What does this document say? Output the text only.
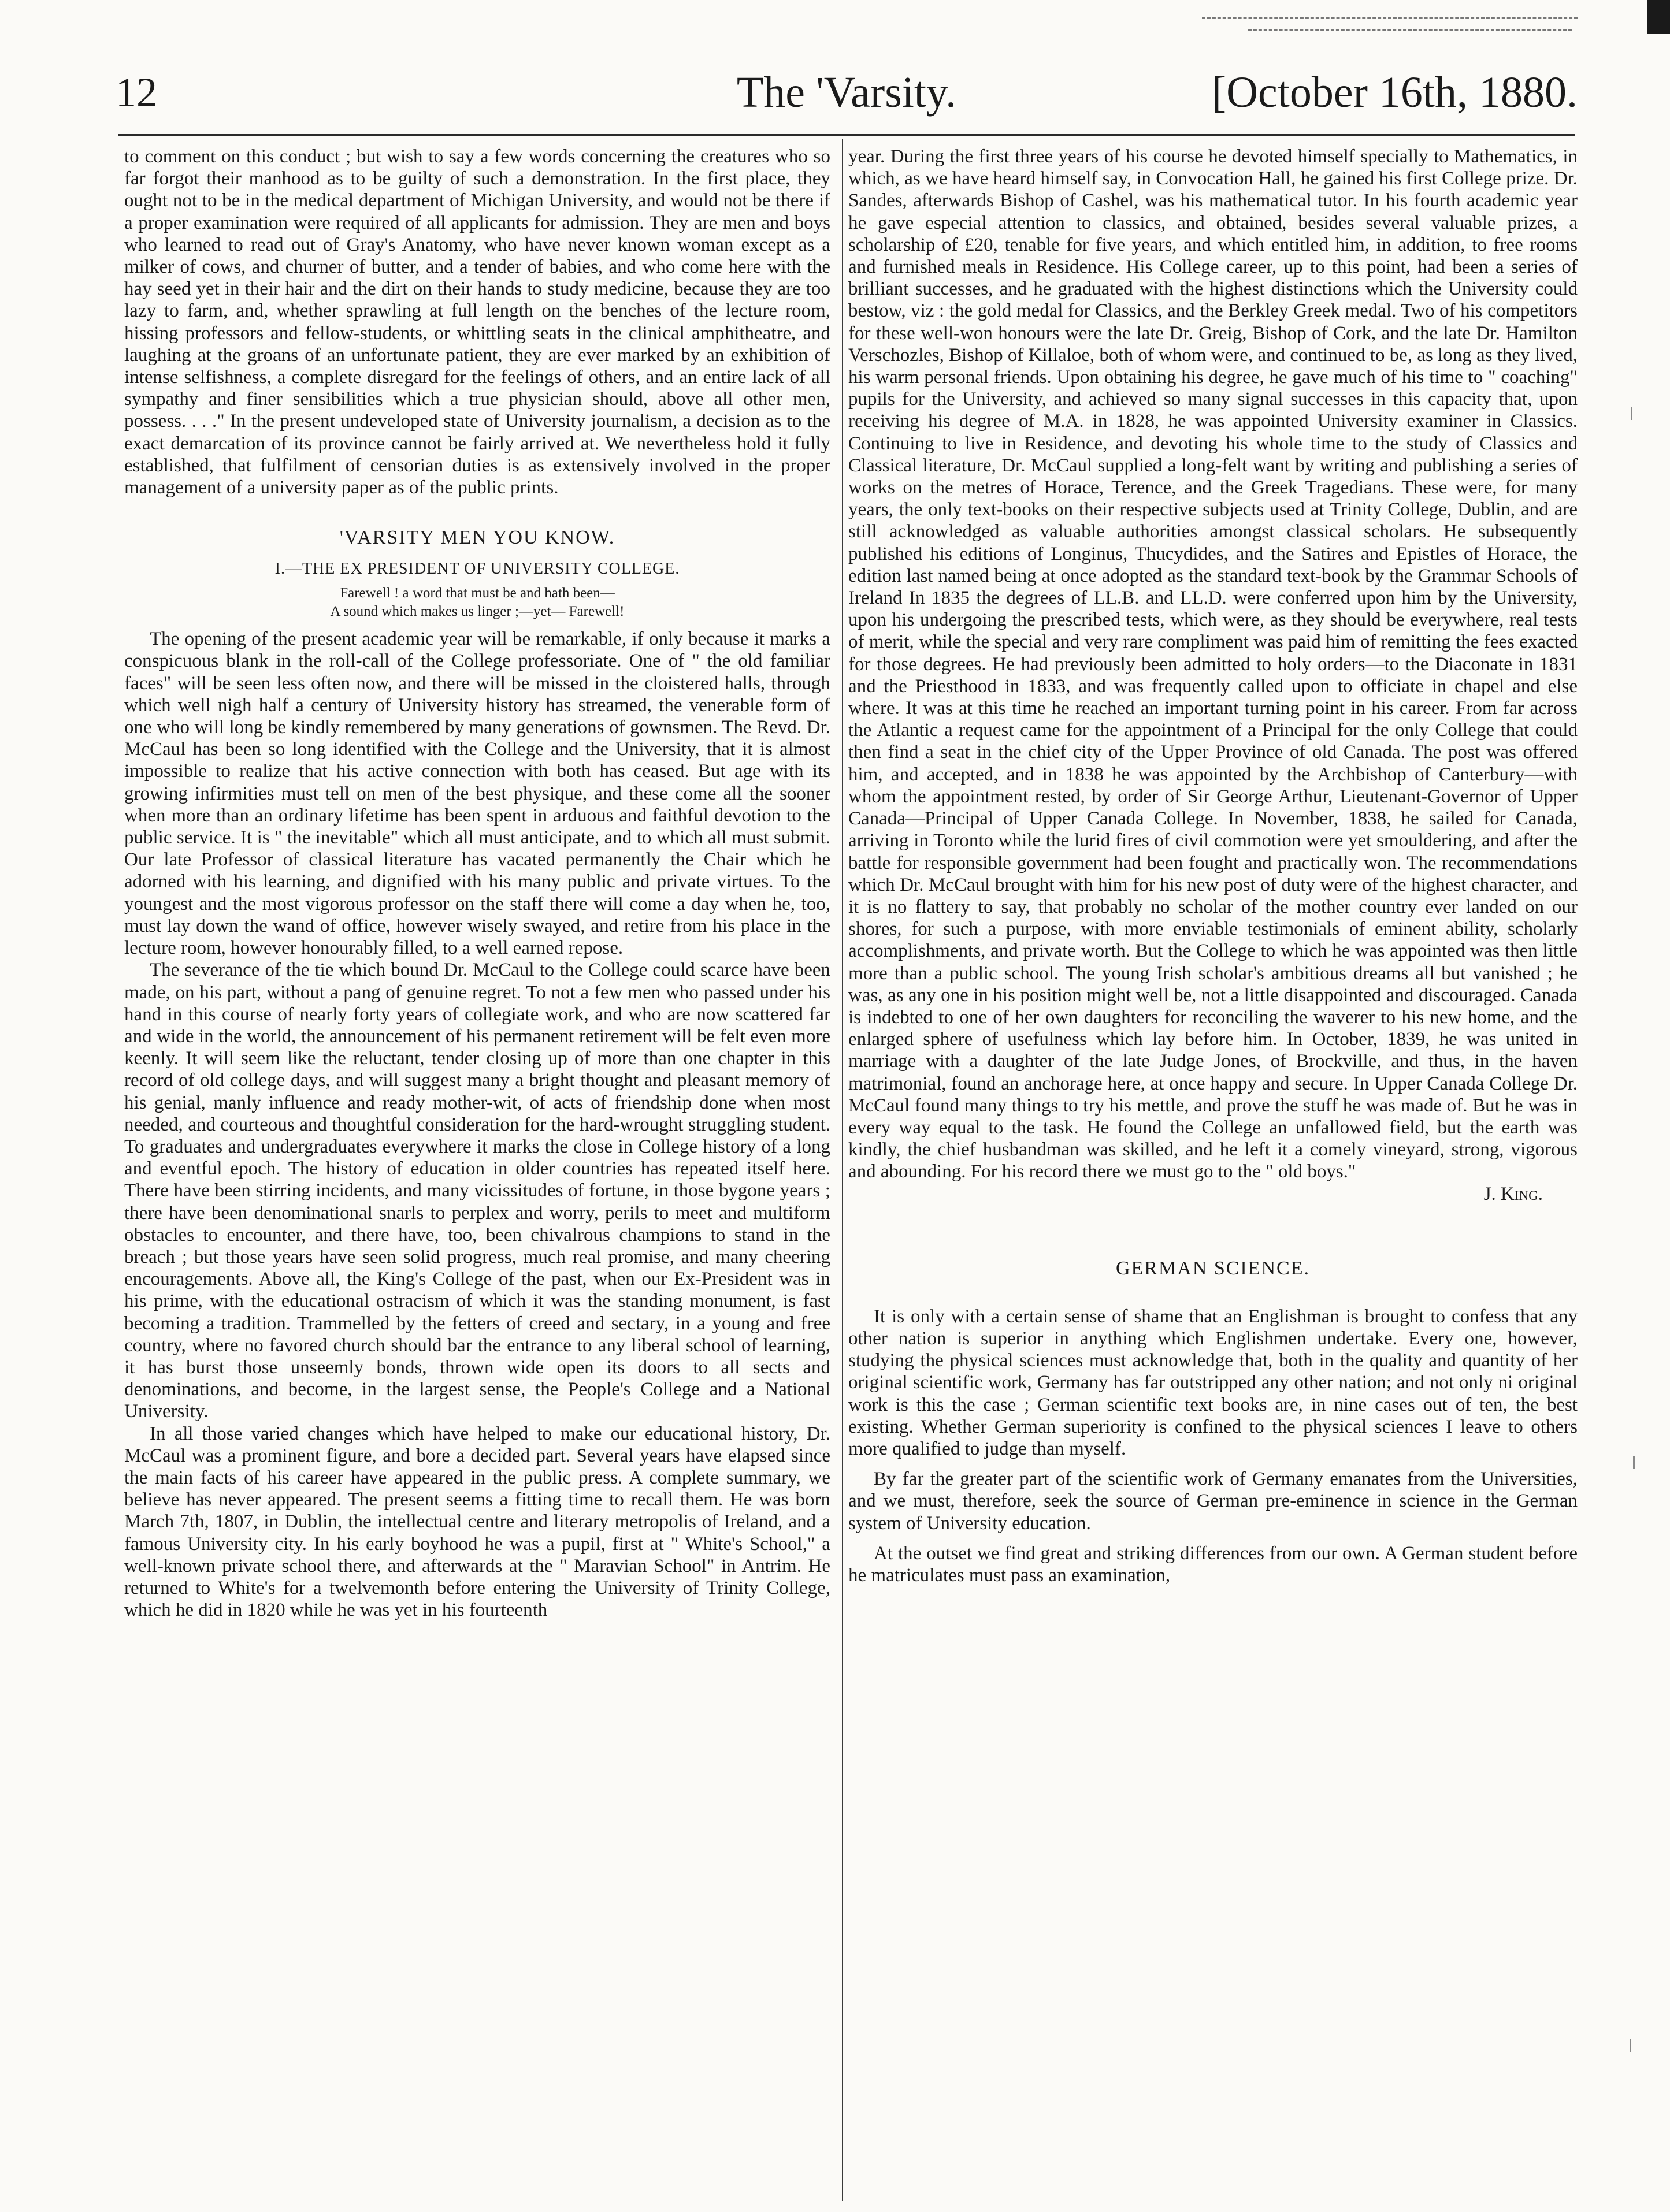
12	The 'Varsity.	[October 16th, 1880.

to comment on this conduct ; but wish to say a few words concerning the creatures who so far forgot their manhood as to be guilty of such a demonstration. In the first place, they ought not to be in the medical department of Michigan University, and would not be there if a proper examination were required of all applicants for admission. They are men and boys who learned to read out of Gray's Anatomy, who have never known woman except as a milker of cows, and churner of butter, and a tender of babies, and who come here with the hay seed yet in their hair and the dirt on their hands to study medicine, because they are too lazy to farm, and, whether sprawling at full length on the benches of the lecture room, hissing professors and fellow-students, or whittling seats in the clinical amphitheatre, and laughing at the groans of an unfortunate patient, they are ever marked by an exhibition of intense selfishness, a complete disregard for the feelings of others, and an entire lack of all sympathy and finer sensibilities which a true physician should, above all other men, possess. . . ." In the present undeveloped state of University journalism, a decision as to the exact demarcation of its province cannot be fairly arrived at. We nevertheless hold it fully established, that fulfilment of censorian duties is as extensively involved in the proper management of a university paper as of the public prints.

'VARSITY MEN YOU KNOW.
I.—THE EX PRESIDENT OF UNIVERSITY COLLEGE.

Farewell ! a word that must be and hath been—

A sound which makes us linger ;—yet— Farewell!

The opening of the present academic year will be remarkable, if only because it marks a conspicuous blank in the roll-call of the College professoriate. One of " the old familiar faces" will be seen less often now, and there will be missed in the cloistered halls, through which well nigh half a century of University history has streamed, the venerable form of one who will long be kindly remembered by many generations of gownsmen. The Revd. Dr. McCaul has been so long identified with the College and the University, that it is almost impossible to realize that his active connection with both has ceased. But age with its growing infirmities must tell on men of the best physique, and these come all the sooner when more than an ordinary lifetime has been spent in arduous and faithful devotion to the public service. It is " the inevitable" which all must anticipate, and to which all must submit. Our late Professor of classical literature has vacated permanently the Chair which he adorned with his learning, and dignified with his many public and private virtues. To the youngest and the most vigorous professor on the staff there will come a day when he, too, must lay down the wand of office, however wisely swayed, and retire from his place in the lecture room, however honourably filled, to a well earned repose.

The severance of the tie which bound Dr. McCaul to the College could scarce have been made, on his part, without a pang of genuine regret. To not a few men who passed under his hand in this course of nearly forty years of collegiate work, and who are now scattered far and wide in the world, the announcement of his permanent retirement will be felt even more keenly. It will seem like the reluctant, tender closing up of more than one chapter in this record of old college days, and will suggest many a bright thought and pleasant memory of his genial, manly influence and ready mother-wit, of acts of friendship done when most needed, and courteous and thoughtful consideration for the hard-wrought struggling student. To graduates and undergraduates everywhere it marks the close in College history of a long and eventful epoch. The history of education in older countries has repeated itself here. There have been stirring incidents, and many vicissitudes of fortune, in those bygone years ; there have been denominational snarls to perplex and worry, perils to meet and multiform obstacles to encounter, and there have, too, been chivalrous champions to stand in the breach ; but those years have seen solid progress, much real promise, and many cheering encouragements. Above all, the King's College of the past, when our Ex-President was in his prime, with the educational ostracism of which it was the standing monument, is fast becoming a tradition. Trammelled by the fetters of creed and sectary, in a young and free country, where no favored church should bar the entrance to any liberal school of learning, it has burst those unseemly bonds, thrown wide open its doors to all sects and denominations, and become, in the largest sense, the People's College and a National University.

In all those varied changes which have helped to make our educational history, Dr. McCaul was a prominent figure, and bore a decided part. Several years have elapsed since the main facts of his career have appeared in the public press. A complete summary, we believe has never appeared. The present seems a fitting time to recall them. He was born March 7th, 1807, in Dublin, the intellectual centre and literary metropolis of Ireland, and a famous University city. In his early boyhood he was a pupil, first at " White's School," a well-known private school there, and afterwards at the " Maravian School" in Antrim. He returned to White's for a twelvemonth before entering the University of Trinity College, which he did in 1820 while he was yet in his fourteenth

year. During the first three years of his course he devoted himself specially to Mathematics, in which, as we have heard himself say, in Convocation Hall, he gained his first College prize. Dr. Sandes, afterwards Bishop of Cashel, was his mathematical tutor. In his fourth academic year he gave especial attention to classics, and obtained, besides several valuable prizes, a scholarship of £20, tenable for five years, and which entitled him, in addition, to free rooms and furnished meals in Residence. His College career, up to this point, had been a series of brilliant successes, and he graduated with the highest distinctions which the University could bestow, viz : the gold medal for Classics, and the Berkley Greek medal. Two of his competitors for these well-won honours were the late Dr. Greig, Bishop of Cork, and the late Dr. Hamilton Verschozles, Bishop of Killaloe, both of whom were, and continued to be, as long as they lived, his warm personal friends. Upon obtaining his degree, he gave much of his time to " coaching" pupils for the University, and achieved so many signal successes in this capacity that, upon receiving his degree of M.A. in 1828, he was appointed University examiner in Classics. Continuing to live in Residence, and devoting his whole time to the study of Classics and Classical literature, Dr. McCaul supplied a long-felt want by writing and publishing a series of works on the metres of Horace, Terence, and the Greek Tragedians. These were, for many years, the only text-books on their respective subjects used at Trinity College, Dublin, and are still acknowledged as valuable authorities amongst classical scholars. He subsequently published his editions of Longinus, Thucydides, and the Satires and Epistles of Horace, the edition last named being at once adopted as the standard text-book by the Grammar Schools of Ireland In 1835 the degrees of LL.B. and LL.D. were conferred upon him by the University, upon his undergoing the prescribed tests, which were, as they should be everywhere, real tests of merit, while the special and very rare compliment was paid him of remitting the fees exacted for those degrees. He had previously been admitted to holy orders—to the Diaconate in 1831 and the Priesthood in 1833, and was frequently called upon to officiate in chapel and else where. It was at this time he reached an important turning point in his career. From far across the Atlantic a request came for the appointment of a Principal for the only College that could then find a seat in the chief city of the Upper Province of old Canada. The post was offered him, and accepted, and in 1838 he was appointed by the Archbishop of Canterbury—with whom the appointment rested, by order of Sir George Arthur, Lieutenant-Governor of Upper Canada—Principal of Upper Canada College. In November, 1838, he sailed for Canada, arriving in Toronto while the lurid fires of civil commotion were yet smouldering, and after the battle for responsible government had been fought and practically won. The recommendations which Dr. McCaul brought with him for his new post of duty were of the highest character, and it is no flattery to say, that probably no scholar of the mother country ever landed on our shores, for such a purpose, with more enviable testimonials of eminent ability, scholarly accomplishments, and private worth. But the College to which he was appointed was then little more than a public school. The young Irish scholar's ambitious dreams all but vanished ; he was, as any one in his position might well be, not a little disappointed and discouraged. Canada is indebted to one of her own daughters for reconciling the waverer to his new home, and the enlarged sphere of usefulness which lay before him. In October, 1839, he was united in marriage with a daughter of the late Judge Jones, of Brockville, and thus, in the haven matrimonial, found an anchorage here, at once happy and secure. In Upper Canada College Dr. McCaul found many things to try his mettle, and prove the stuff he was made of. But he was in every way equal to the task. He found the College an unfallowed field, but the earth was kindly, the chief husbandman was skilled, and he left it a comely vineyard, strong, vigorous and abounding. For his record there we must go to the " old boys."

J. King.

GERMAN SCIENCE.

It is only with a certain sense of shame that an Englishman is brought to confess that any other nation is superior in anything which Englishmen undertake. Every one, however, studying the physical sciences must acknowledge that, both in the quality and quantity of her original scientific work, Germany has far outstripped any other nation; and not only ni original work is this the case ; German scientific text books are, in nine cases out of ten, the best existing. Whether German superiority is confined to the physical sciences I leave to others more qualified to judge than myself.

By far the greater part of the scientific work of Germany emanates from the Universities, and we must, therefore, seek the source of German pre-eminence in science in the German system of University education.

At the outset we find great and striking differences from our own. A German student before he matriculates must pass an examination,
